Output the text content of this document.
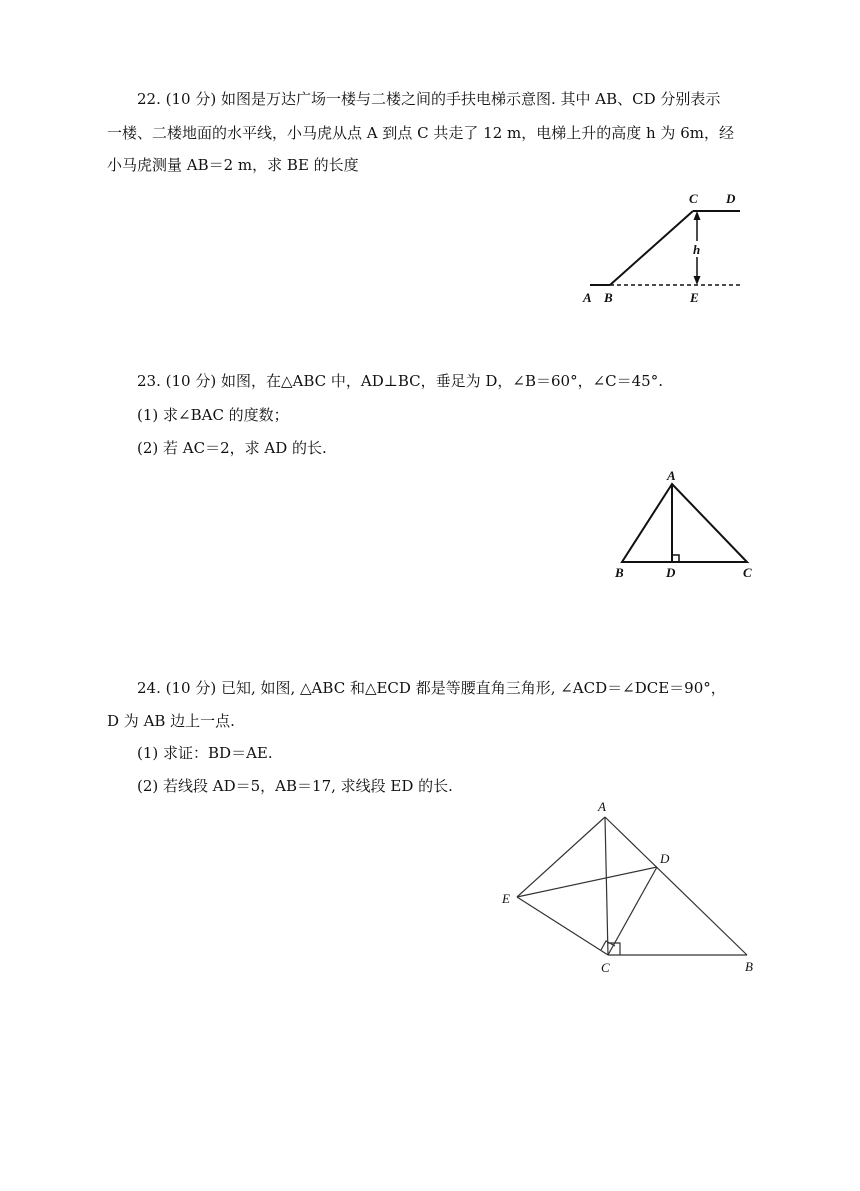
22. (10 分) 如图是万达广场一楼与二楼之间的手扶电梯示意图. 其中 AB、CD 分别表示
一楼、二楼地面的水平线，小马虎从点 A 到点 C 共走了 12 m，电梯上升的高度 h 为 6m，经
小马虎测量 AB＝2 m，求 BE 的长度
h
C D
A B	E
23. (10 分) 如图，在△ABC 中，AD⊥BC，垂足为 D，∠B＝60°，∠C＝45°.
(1) 求∠BAC 的度数；
(2) 若 AC＝2，求 AD 的长.
A
B	D	C
24. (10 分) 已知, 如图, △ABC 和△ECD 都是等腰直角三角形, ∠ACD＝∠DCE＝90°，
D 为 AB 边上一点.
(1) 求证：BD＝AE.
(2) 若线段 AD＝5，AB＝17, 求线段 ED 的长.
A
D
E
C	B
